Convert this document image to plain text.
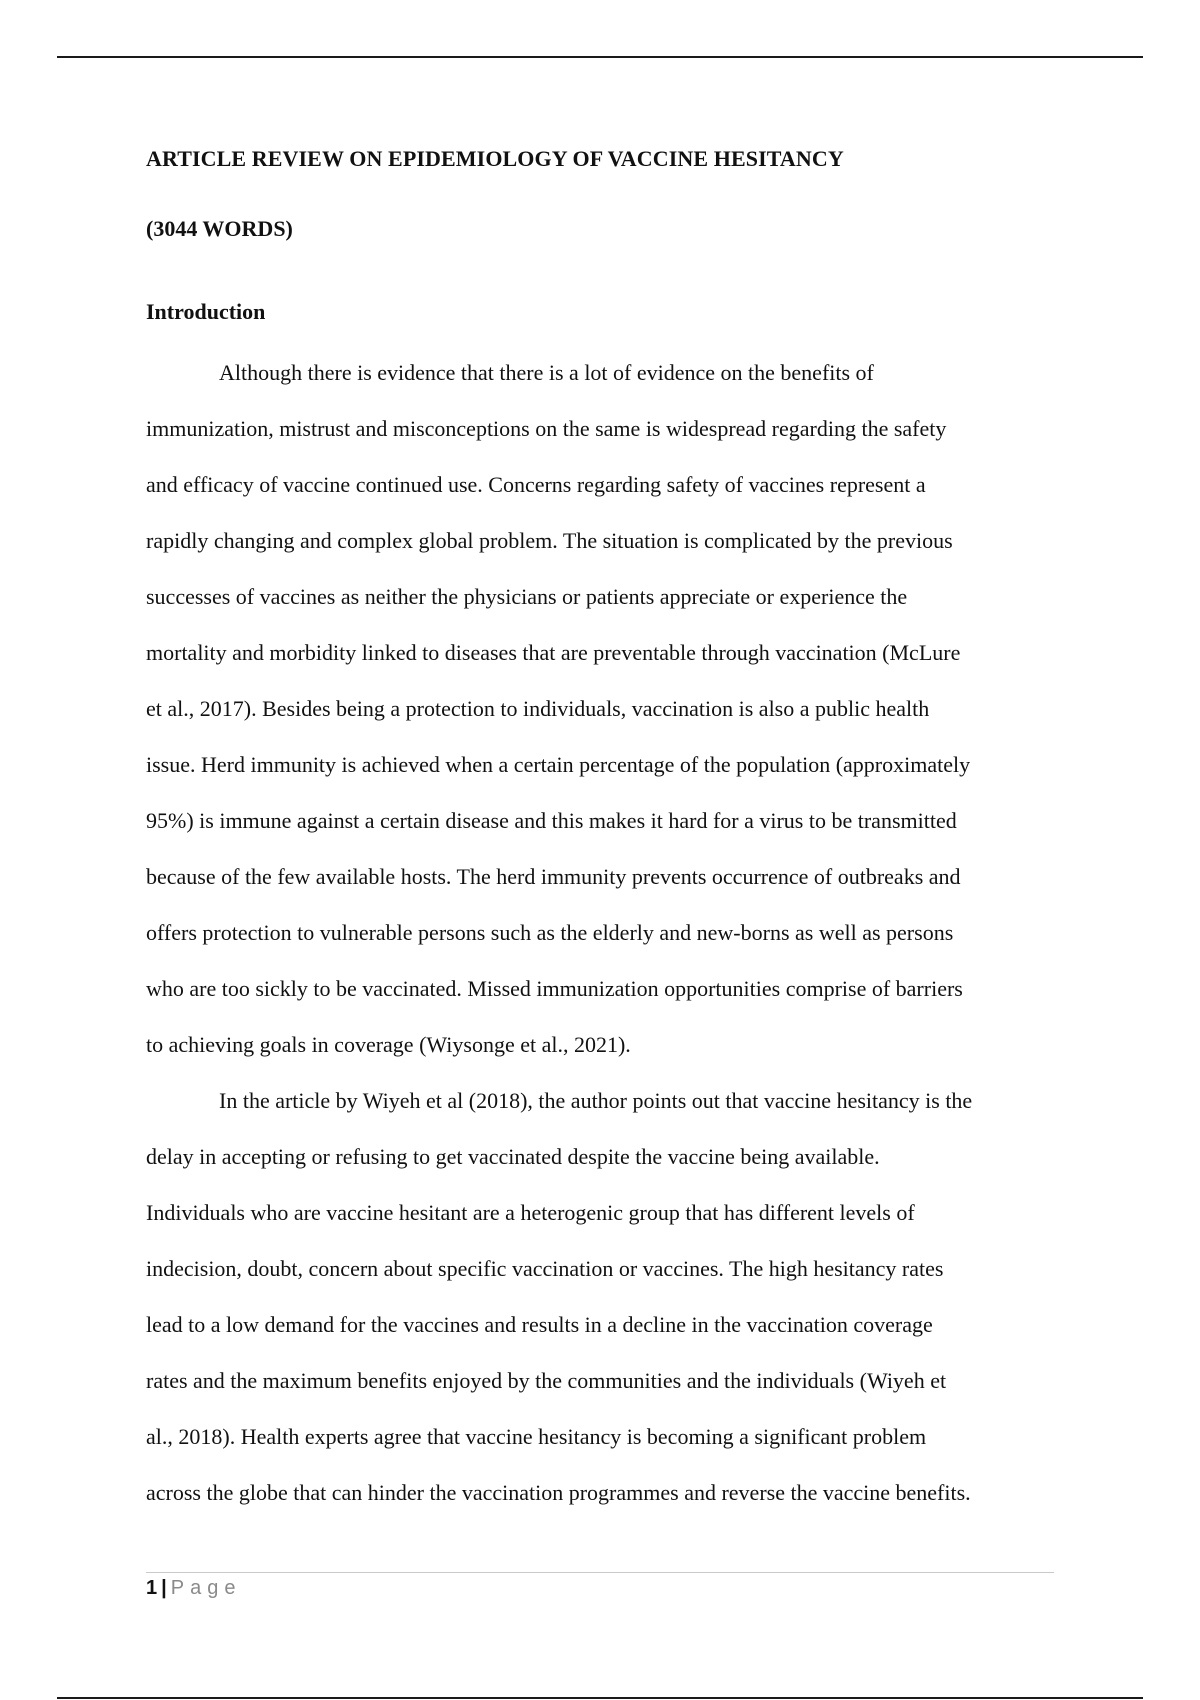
ARTICLE REVIEW ON EPIDEMIOLOGY OF VACCINE HESITANCY
(3044 WORDS)
Introduction

Although there is evidence that there is a lot of evidence on the benefits of
immunization, mistrust and misconceptions on the same is widespread regarding the safety
and efficacy of vaccine continued use. Concerns regarding safety of vaccines represent a
rapidly changing and complex global problem. The situation is complicated by the previous
successes of vaccines as neither the physicians or patients appreciate or experience the
mortality and morbidity linked to diseases that are preventable through vaccination (McLure
et al., 2017). Besides being a protection to individuals, vaccination is also a public health
issue. Herd immunity is achieved when a certain percentage of the population (approximately
95%) is immune against a certain disease and this makes it hard for a virus to be transmitted
because of the few available hosts. The herd immunity prevents occurrence of outbreaks and
offers protection to vulnerable persons such as the elderly and new-borns as well as persons
who are too sickly to be vaccinated. Missed immunization opportunities comprise of barriers
to achieving goals in coverage (Wiysonge et al., 2021).

In the article by Wiyeh et al (2018), the author points out that vaccine hesitancy is the
delay in accepting or refusing to get vaccinated despite the vaccine being available.
Individuals who are vaccine hesitant are a heterogenic group that has different levels of
indecision, doubt, concern about specific vaccination or vaccines. The high hesitancy rates
lead to a low demand for the vaccines and results in a decline in the vaccination coverage
rates and the maximum benefits enjoyed by the communities and the individuals (Wiyeh et
al., 2018). Health experts agree that vaccine hesitancy is becoming a significant problem
across the globe that can hinder the vaccination programmes and reverse the vaccine benefits.

1 | Page
